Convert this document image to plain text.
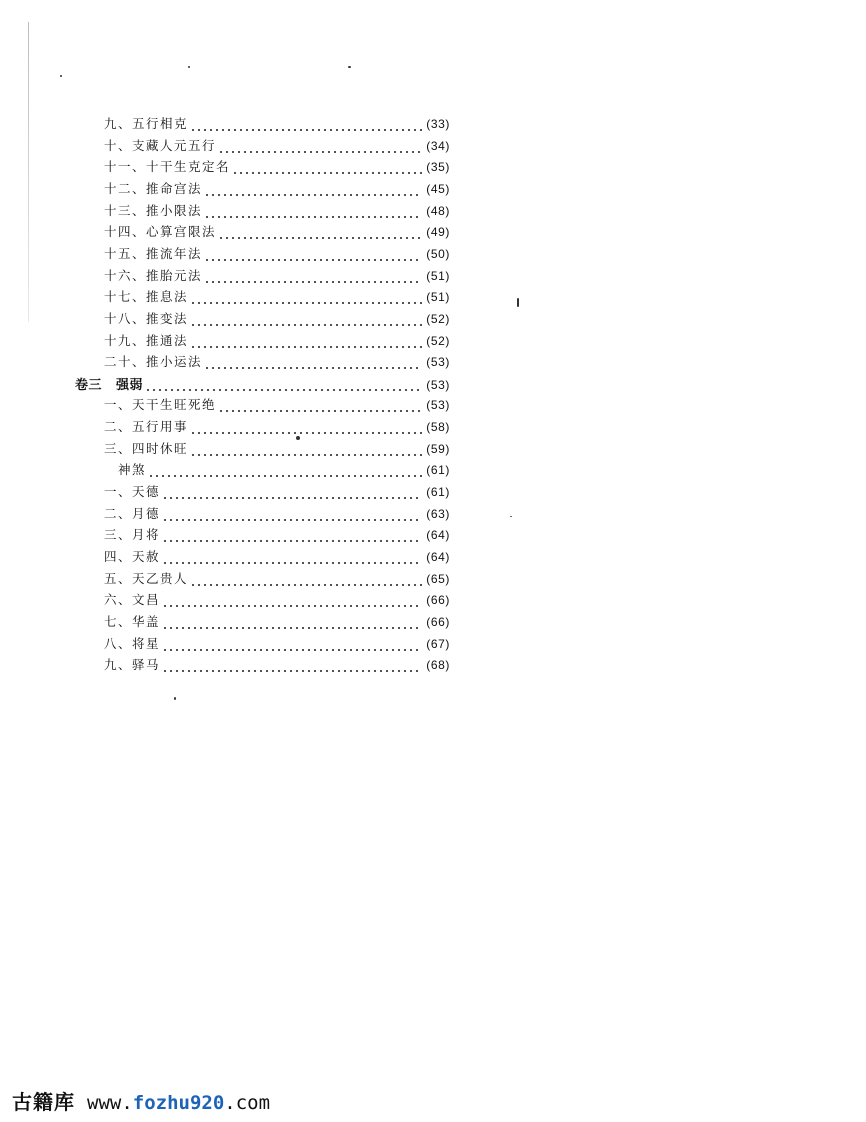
九、五行相克	(33)
十、支藏人元五行	(34)
十一、十干生克定名	(35)
十二、推命宫法	(45)
十三、推小限法	(48)
十四、心算宫限法	(49)
十五、推流年法	(50)
十六、推胎元法	(51)
十七、推息法	(51)
十八、推变法	(52)
十九、推通法	(52)
二十、推小运法	(53)
卷三 强弱	(53)
一、天干生旺死绝	(53)
二、五行用事	(58)
三、四时休旺	(59)
神煞	(61)
一、天德	(61)
二、月德	(63)
三、月将	(64)
四、天赦	(64)
五、天乙贵人	(65)
六、文昌	(66)
七、华盖	(66)
八、将星	(67)
九、驿马	(68)
古籍库 www.fozhu920.com
